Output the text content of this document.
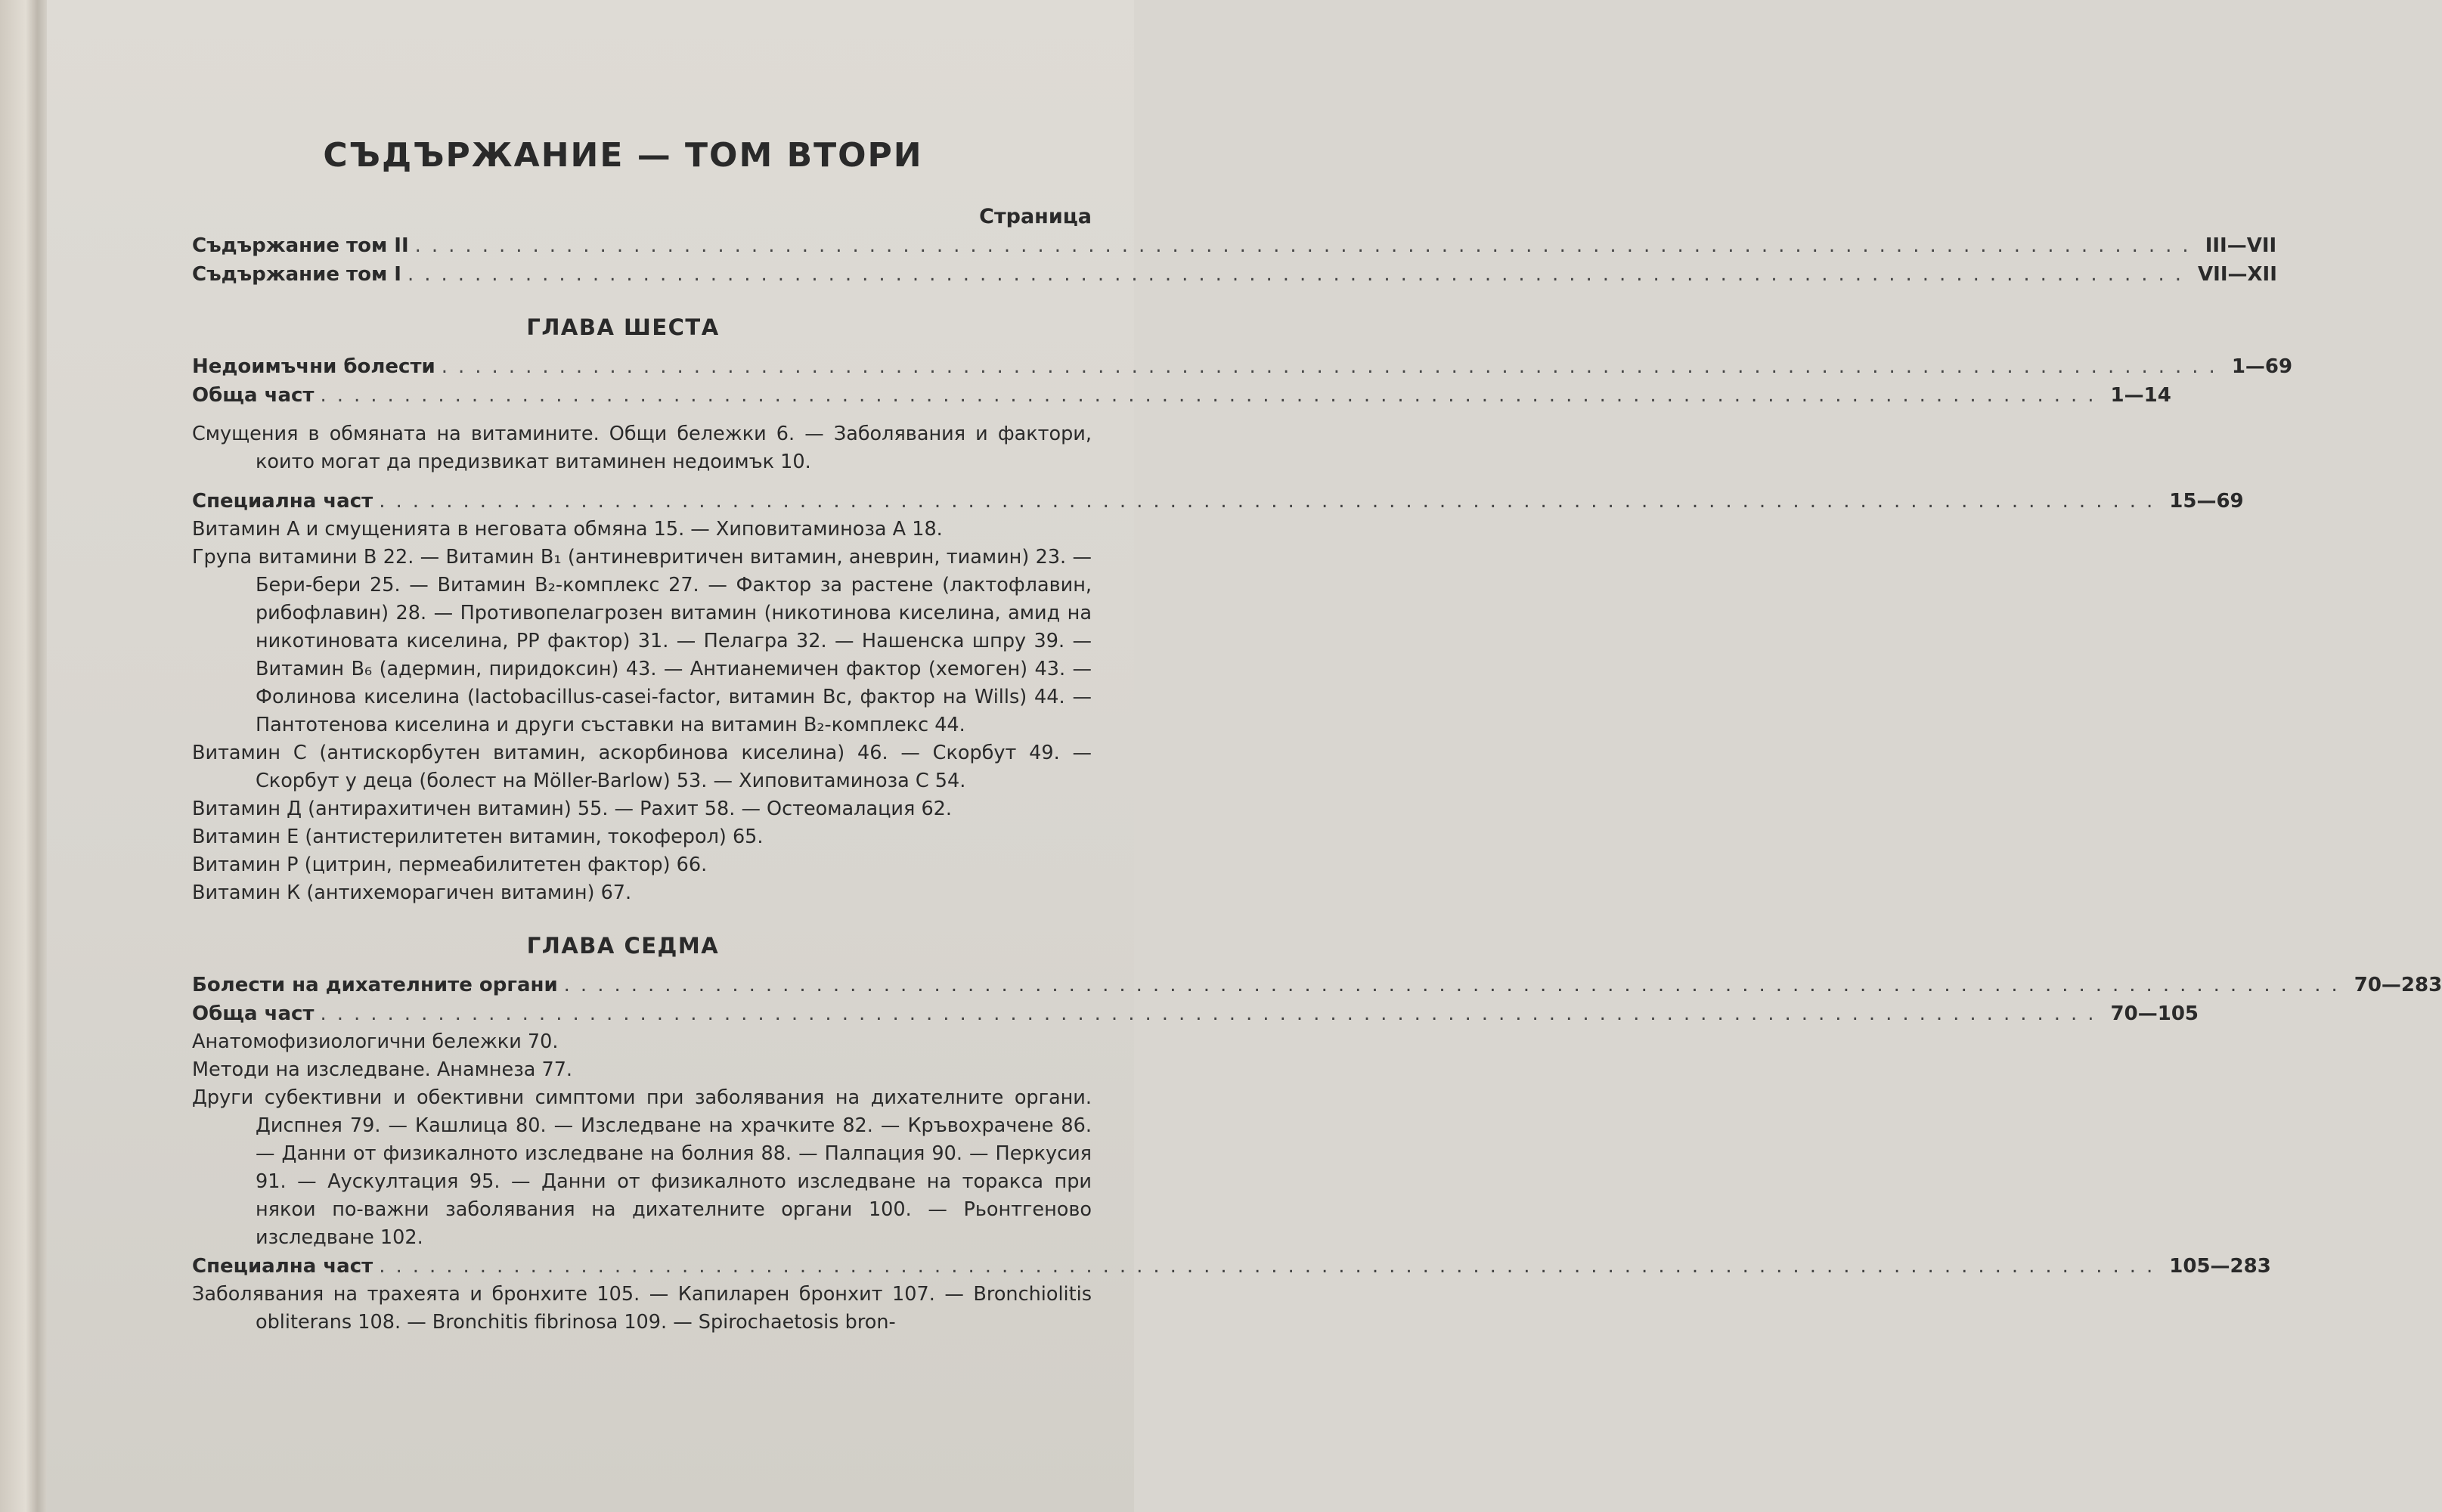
СЪДЪРЖАНИЕ — ТОМ ВТОРИ
Страница
Съдържание том II .......................................................................................................... III—VII
Съдържание том I .......................................................................................................... VII—XII
ГЛАВА ШЕСТА
Недоимъчни болести .......................................................................................................... 1—69
Обща част .......................................................................................................... 1—14

Смущения в обмяната на витамините. Общи бележки 6. — Заболявания и фактори, които могат да предизвикат витаминен недоимък 10.

Специална част .......................................................................................................... 15—69

Витамин А и смущенията в неговата обмяна 15. — Хиповитаминоза А 18.

Група витамини В 22. — Витамин B₁ (антиневритичен витамин, аневрин, тиамин) 23. — Бери-бери 25. — Витамин B₂-комплекс 27. — Фактор за растене (лактофлавин, рибофлавин) 28. — Противопелагрозен витамин (никотинова киселина, амид на никотиновата киселина, PP фактор) 31. — Пелагра 32. — Нашенска шпру 39. — Витамин B₆ (адермин, пиридоксин) 43. — Антианемичен фактор (хемоген) 43. — Фолинова киселина (lactobacillus-casei-factor, витамин Bc, фактор на Wills) 44. — Пантотенова киселина и други съставки на витамин B₂-комплекс 44.

Витамин С (антискорбутен витамин, аскорбинова киселина) 46. — Скорбут 49. — Скорбут у деца (болест на Möller-Barlow) 53. — Хиповитаминоза С 54.

Витамин Д (антирахитичен витамин) 55. — Рахит 58. — Остеомалация 62.

Витамин Е (антистерилитетен витамин, токоферол) 65.

Витамин Р (цитрин, пермеабилитетен фактор) 66.

Витамин К (антихеморагичен витамин) 67.

ГЛАВА СЕДМА
Болести на дихателните органи .......................................................................................................... 70—283
Обща част .......................................................................................................... 70—105

Анатомофизиологични бележки 70.

Методи на изследване. Анамнеза 77.

Други субективни и обективни симптоми при заболявания на дихателните органи. Диспнея 79. — Кашлица 80. — Изследване на храчките 82. — Кръвохрачене 86. — Данни от физикалното изследване на болния 88. — Палпация 90. — Перкусия 91. — Аускултация 95. — Данни от физикалното изследване на торакса при някои по-важни заболявания на дихателните органи 100. — Рьонтгеново изследване 102.

Специална част .......................................................................................................... 105—283

Заболявания на трахеята и бронхите 105. — Капиларен бронхит 107. — Bronchiolitis obliterans 108. — Bronchitis fibrinosa 109. — Spirochaetosis bron-
